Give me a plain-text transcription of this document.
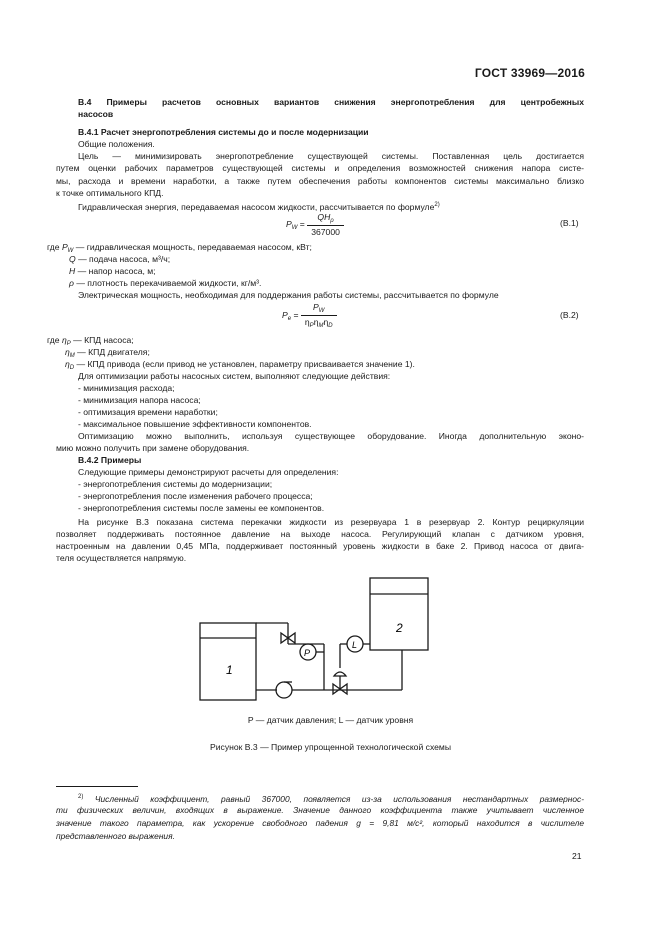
ГОСТ 33969—2016
В.4 Примеры расчетов основных вариантов снижения энергопотребления для центробежных
насосов
В.4.1 Расчет энергопотребления системы до и после модернизации
Общие положения.
Цель — минимизировать энергопотребление существующей системы. Поставленная цель достигается
путем оценки рабочих параметров существующей системы и определения возможностей снижения напора систе-
мы, расхода и времени наработки, а также путем обеспечения работы компонентов системы максимально близко
к точке оптимального КПД.
Гидравлическая энергия, передаваемая насосом жидкости, рассчитывается по формуле$^{2)}$
$P_W = \frac{QH_\rho}{367000}$	(В.1)
где $P_W$ — гидравлическая мощность, передаваемая насосом, кВт;
Q — подача насоса, м³/ч;
H — напор насоса, м;
ρ — плотность перекачиваемой жидкости, кг/м³.
Электрическая мощность, необходимая для поддержания работы системы, рассчитывается по формуле
$P_e = \frac{P_W}{\eta_P\eta_M\eta_D}$	(В.2)
где $\eta_P$ — КПД насоса;
$\eta_M$ — КПД двигателя;
$\eta_D$ — КПД привода (если привод не установлен, параметру присваивается значение 1).
Для оптимизации работы насосных систем, выполняют следующие действия:
- минимизация расхода;
- минимизация напора насоса;
- оптимизация времени наработки;
- максимальное повышение эффективности компонентов.
Оптимизацию можно выполнить, используя существующее оборудование. Иногда дополнительную эконо-
мию можно получить при замене оборудования.
В.4.2 Примеры
Следующие примеры демонстрируют расчеты для определения:
- энергопотребления системы до модернизации;
- энергопотребления после изменения рабочего процесса;
- энергопотребления системы после замены ее компонентов.
На рисунке В.3 показана система перекачки жидкости из резервуара 1 в резервуар 2. Контур рециркуляции
позволяет поддерживать постоянное давление на выходе насоса. Регулирующий клапан с датчиком уровня,
настроенным на давлении 0,45 МПа, поддерживает постоянный уровень жидкости в баке 2. Привод насоса от двига-
теля осуществляется напрямую.
1
2
P
L
P — датчик давления; L — датчик уровня
Рисунок В.3 — Пример упрощенной технологической схемы
$^{2)}$ Численный коэффициент, равный 367000, появляется из-за использования нестандартных размернос-
ти физических величин, входящих в выражение. Значение данного коэффициента также учитывает численное
значение такого параметра, как ускорение свободного падения g = 9,81 м/с², который находится в числителе
представленного выражения.
21
